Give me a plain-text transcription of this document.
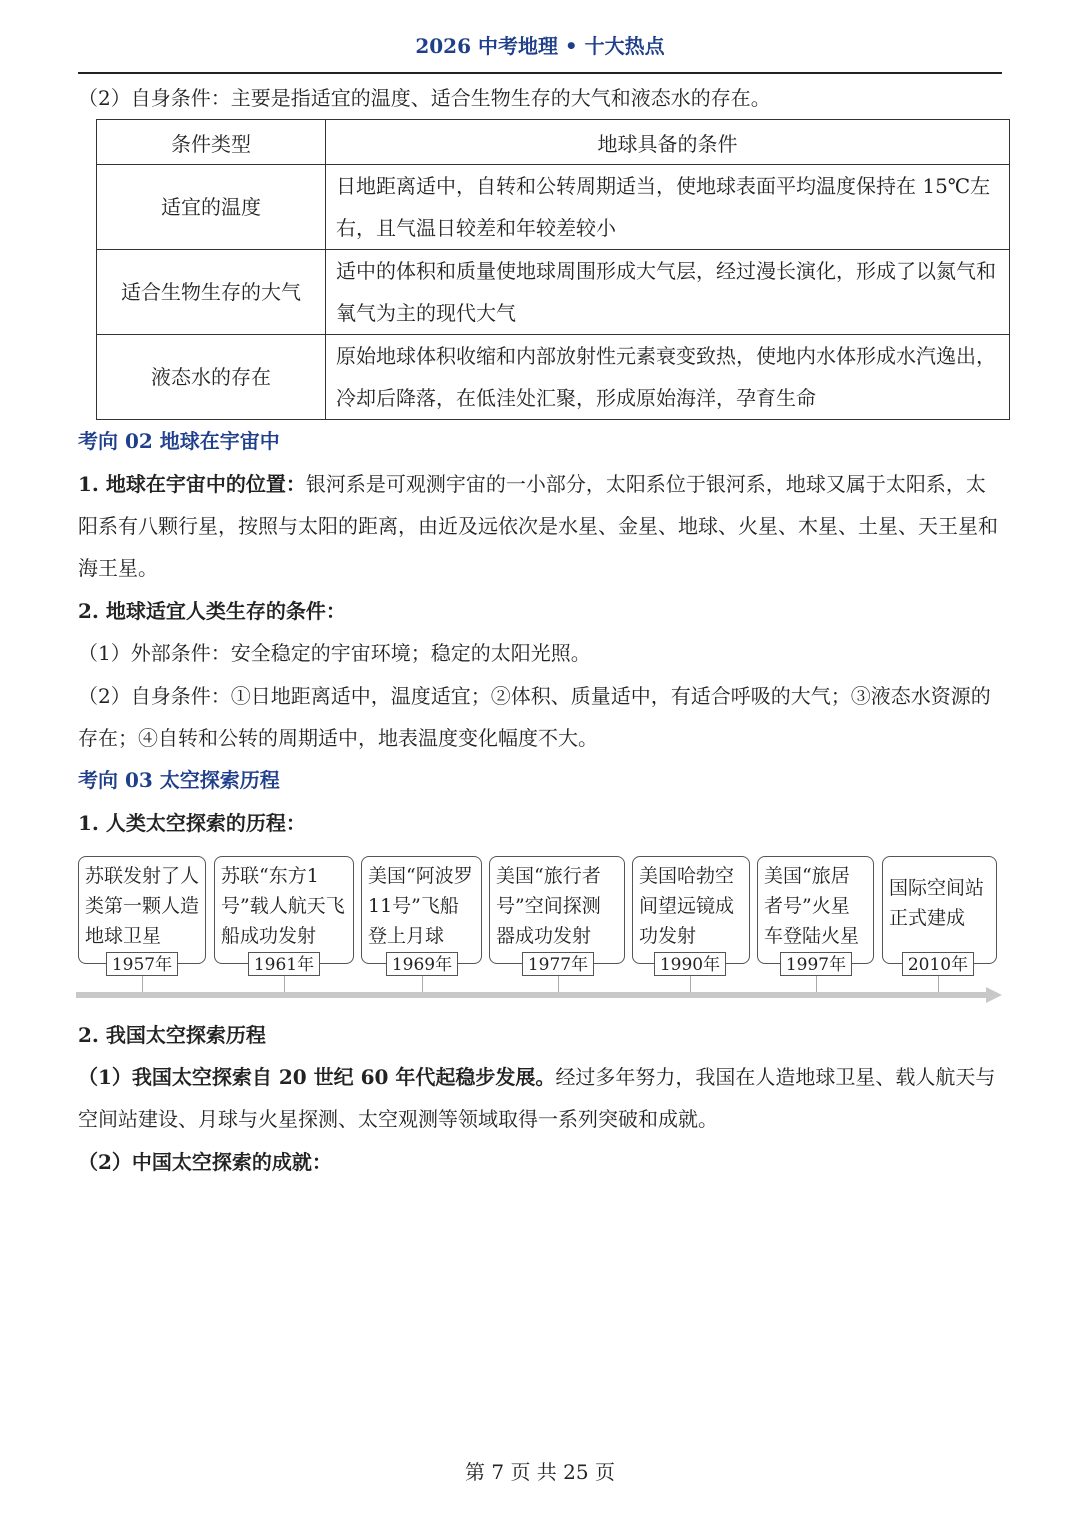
2026 中考地理 • 十大热点
（2）自身条件：主要是指适宜的温度、适合生物生存的大气和液态水的存在。
条件类型	地球具备的条件
适宜的温度	日地距离适中，自转和公转周期适当，使地球表面平均温度保持在 15℃左右，且气温日较差和年较差较小
适合生物生存的大气	适中的体积和质量使地球周围形成大气层，经过漫长演化，形成了以氮气和氧气为主的现代大气
液态水的存在	原始地球体积收缩和内部放射性元素衰变致热，使地内水体形成水汽逸出，冷却后降落，在低洼处汇聚，形成原始海洋，孕育生命
考向 02 地球在宇宙中
1. 地球在宇宙中的位置：银河系是可观测宇宙的一小部分，太阳系位于银河系，地球又属于太阳系，太阳系有八颗行星，按照与太阳的距离，由近及远依次是水星、金星、地球、火星、木星、土星、天王星和海王星。
2. 地球适宜人类生存的条件：
（1）外部条件：安全稳定的宇宙环境；稳定的太阳光照。
（2）自身条件：①日地距离适中，温度适宜；②体积、质量适中，有适合呼吸的大气；③液态水资源的存在；④自转和公转的周期适中，地表温度变化幅度不大。
考向 03 太空探索历程
1. 人类太空探索的历程：
苏联发射了人类第一颗人造地球卫星
1957年
苏联“东方1号”载人航天飞船成功发射
1961年
美国“阿波罗11号”飞船登上月球
1969年
美国“旅行者号”空间探测器成功发射
1977年
美国哈勃空间望远镜成功发射
1990年
美国“旅居者号”火星车登陆火星
1997年
国际空间站正式建成
2010年
2. 我国太空探索历程
（1）我国太空探索自 20 世纪 60 年代起稳步发展。经过多年努力，我国在人造地球卫星、载人航天与空间站建设、月球与火星探测、太空观测等领域取得一系列突破和成就。
（2）中国太空探索的成就：
第 7 页 共 25 页
